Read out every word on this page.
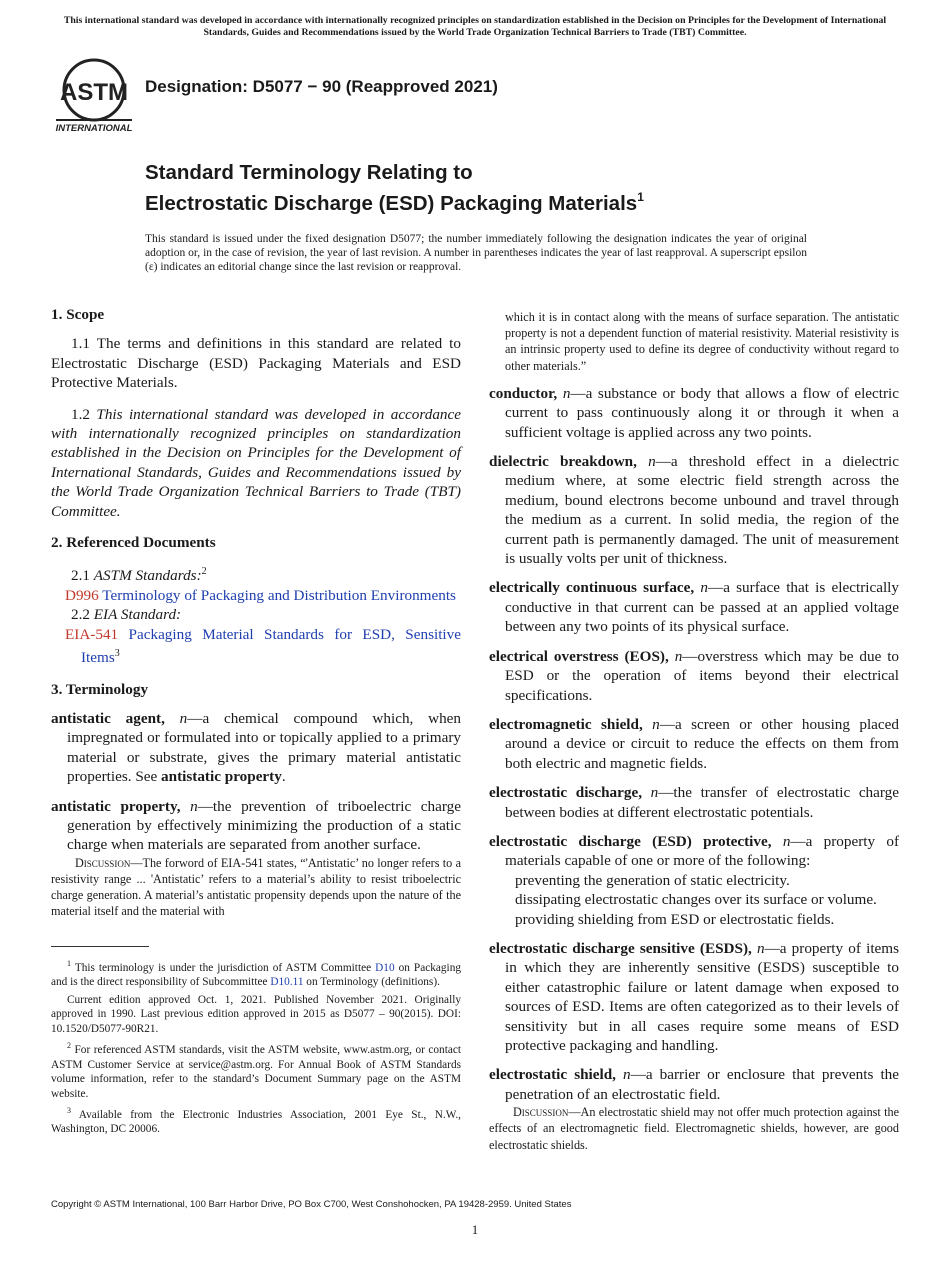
This international standard was developed in accordance with internationally recognized principles on standardization established in the Decision on Principles for the Development of International Standards, Guides and Recommendations issued by the World Trade Organization Technical Barriers to Trade (TBT) Committee.
ASTM
INTERNATIONAL
Designation: D5077 − 90 (Reapproved 2021)
Standard Terminology Relating to
Electrostatic Discharge (ESD) Packaging Materials$^1$
This standard is issued under the fixed designation D5077; the number immediately following the designation indicates the year of original adoption or, in the case of revision, the year of last revision. A number in parentheses indicates the year of last reapproval. A superscript epsilon (ε) indicates an editorial change since the last revision or reapproval.

1. Scope

1.1 The terms and definitions in this standard are related to Electrostatic Discharge (ESD) Packaging Materials and ESD Protective Materials.

1.2 This international standard was developed in accordance with internationally recognized principles on standardization established in the Decision on Principles for the Development of International Standards, Guides and Recommendations issued by the World Trade Organization Technical Barriers to Trade (TBT) Committee.

2. Referenced Documents

2.1 ASTM Standards:$^2$

D996 Terminology of Packaging and Distribution Environments

2.2 EIA Standard:

EIA-541 Packaging Material Standards for ESD, Sensitive Items$^3$

3. Terminology

antistatic agent, n—a chemical compound which, when impregnated or formulated into or topically applied to a primary material or substrate, gives the primary material antistatic properties. See antistatic property.

antistatic property, n—the prevention of triboelectric charge generation by effectively minimizing the production of a static charge when materials are separated from another surface.

Discussion—The forword of EIA-541 states, “'Antistatic’ no longer refers to a resistivity range ... 'Antistatic’ refers to a material’s ability to resist triboelectric charge generation. A material’s antistatic propensity depends upon the nature of the material itself and the material with

$^1$ This terminology is under the jurisdiction of ASTM Committee D10 on Packaging and is the direct responsibility of Subcommittee D10.11 on Terminology (definitions).

Current edition approved Oct. 1, 2021. Published November 2021. Originally approved in 1990. Last previous edition approved in 2015 as D5077 – 90(2015). DOI: 10.1520/D5077-90R21.

$^2$ For referenced ASTM standards, visit the ASTM website, www.astm.org, or contact ASTM Customer Service at service@astm.org. For Annual Book of ASTM Standards volume information, refer to the standard’s Document Summary page on the ASTM website.

$^3$ Available from the Electronic Industries Association, 2001 Eye St., N.W., Washington, DC 20006.

which it is in contact along with the means of surface separation. The antistatic property is not a dependent function of material resistivity. Material resistivity is an intrinsic property used to define its degree of conductivity without regard to other materials.”

conductor, n—a substance or body that allows a flow of electric current to pass continuously along it or through it when a sufficient voltage is applied across any two points.

dielectric breakdown, n—a threshold effect in a dielectric medium where, at some electric field strength across the medium, bound electrons become unbound and travel through the medium as a current. In solid media, the region of the current path is permanently damaged. The unit of measurement is usually volts per unit of thickness.

electrically continuous surface, n—a surface that is electrically conductive in that current can be passed at an applied voltage between any two points of its physical surface.

electrical overstress (EOS), n—overstress which may be due to ESD or the operation of items beyond their electrical specifications.

electromagnetic shield, n—a screen or other housing placed around a device or circuit to reduce the effects on them from both electric and magnetic fields.

electrostatic discharge, n—the transfer of electrostatic charge between bodies at different electrostatic potentials.

electrostatic discharge (ESD) protective, n—a property of materials capable of one or more of the following:

preventing the generation of static electricity.

dissipating electrostatic changes over its surface or volume.

providing shielding from ESD or electrostatic fields.

electrostatic discharge sensitive (ESDS), n—a property of items in which they are inherently sensitive (ESDS) susceptible to either catastrophic failure or latent damage when exposed to sources of ESD. Items are often categorized as to their levels of sensitivity but in all cases require some means of ESD protective packaging and handling.

electrostatic shield, n—a barrier or enclosure that prevents the penetration of an electrostatic field.

Discussion—An electrostatic shield may not offer much protection against the effects of an electromagnetic field. Electromagnetic shields, however, are good electrostatic shields.

Copyright © ASTM International, 100 Barr Harbor Drive, PO Box C700, West Conshohocken, PA 19428-2959. United States
1
